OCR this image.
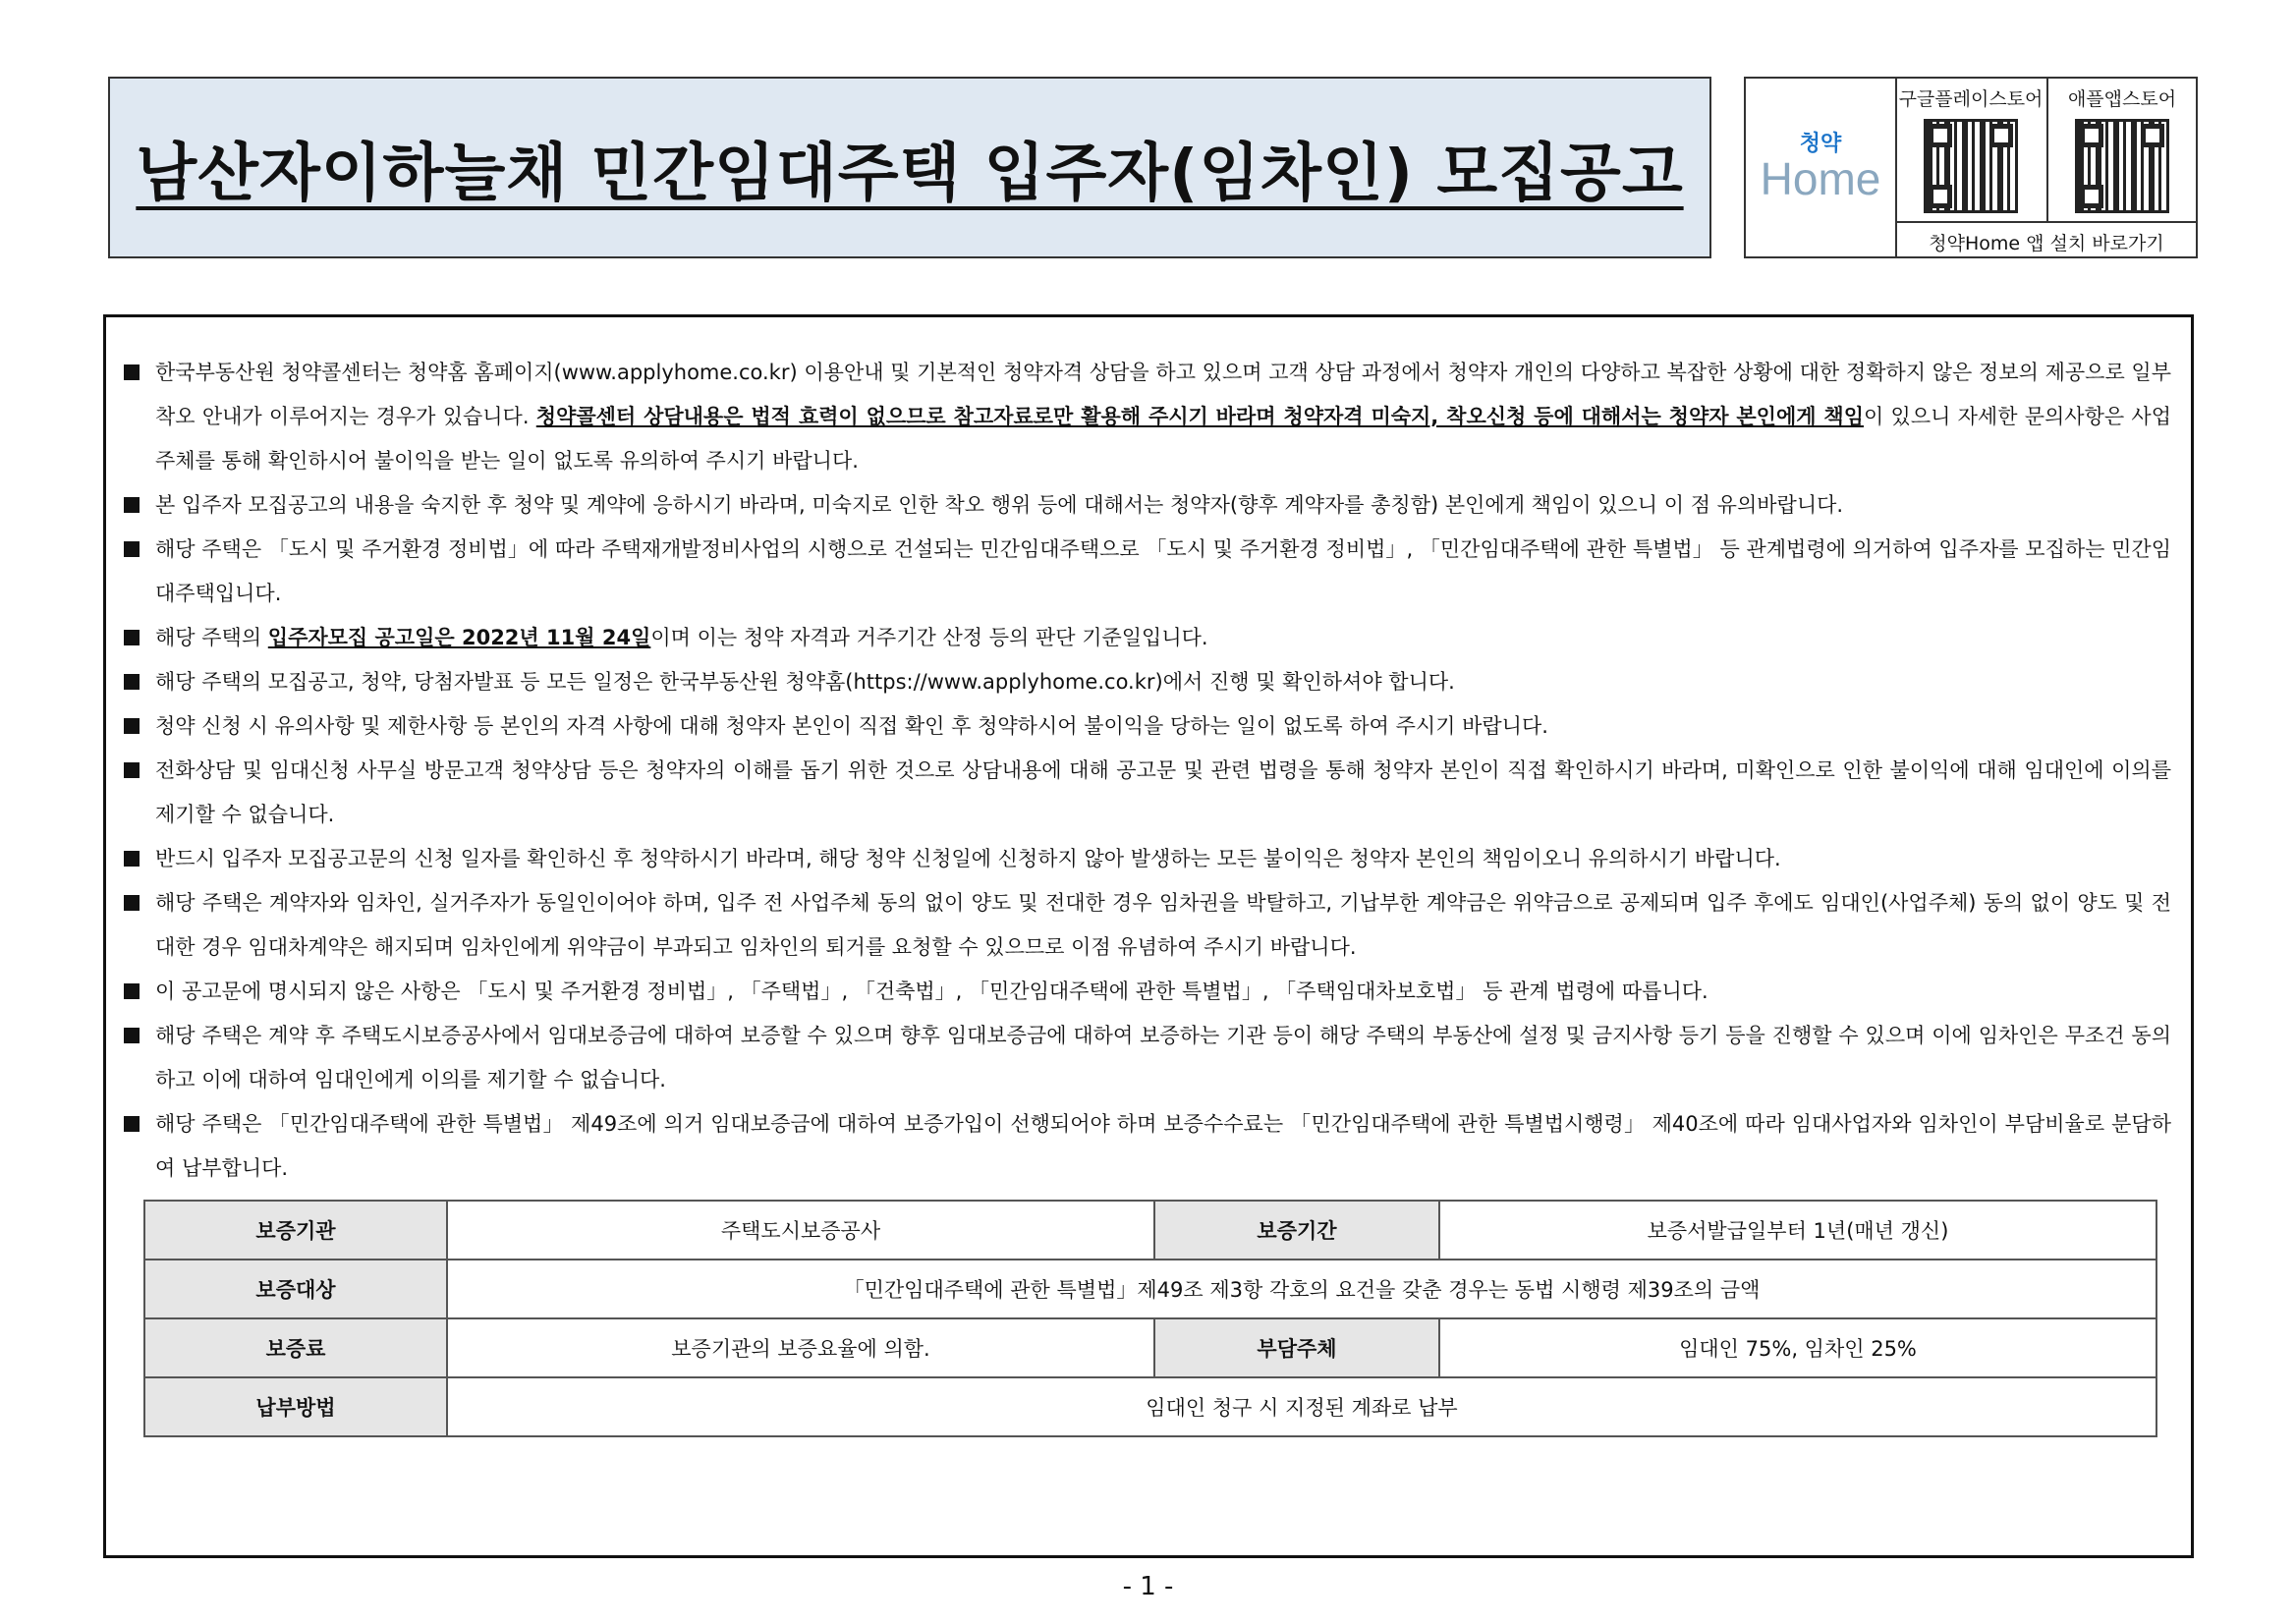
남산자이하늘채 민간임대주택 입주자(임차인) 모집공고	청약
Home
구글플레이스토어	애플앱스토어
청약Home 앱 설치 바로가기

한국부동산원 청약콜센터는 청약홈 홈페이지(www.applyhome.co.kr) 이용안내 및 기본적인 청약자격 상담을 하고 있으며 고객 상담 과정에서 청약자 개인의 다양하고 복잡한 상황에 대한 정확하지 않은 정보의 제공으로 일부 착오 안내가 이루어지는 경우가 있습니다. 청약콜센터 상담내용은 법적 효력이 없으므로 참고자료로만 활용해 주시기 바라며 청약자격 미숙지, 착오신청 등에 대해서는 청약자 본인에게 책임이 있으니 자세한 문의사항은 사업주체를 통해 확인하시어 불이익을 받는 일이 없도록 유의하여 주시기 바랍니다.

본 입주자 모집공고의 내용을 숙지한 후 청약 및 계약에 응하시기 바라며, 미숙지로 인한 착오 행위 등에 대해서는 청약자(향후 계약자를 총칭함) 본인에게 책임이 있으니 이 점 유의바랍니다.

해당 주택은 「도시 및 주거환경 정비법」에 따라 주택재개발정비사업의 시행으로 건설되는 민간임대주택으로 「도시 및 주거환경 정비법」, 「민간임대주택에 관한 특별법」 등 관계법령에 의거하여 입주자를 모집하는 민간임대주택입니다.

해당 주택의 입주자모집 공고일은 2022년 11월 24일이며 이는 청약 자격과 거주기간 산정 등의 판단 기준일입니다.

해당 주택의 모집공고, 청약, 당첨자발표 등 모든 일정은 한국부동산원 청약홈(https://www.applyhome.co.kr)에서 진행 및 확인하셔야 합니다.

청약 신청 시 유의사항 및 제한사항 등 본인의 자격 사항에 대해 청약자 본인이 직접 확인 후 청약하시어 불이익을 당하는 일이 없도록 하여 주시기 바랍니다.

전화상담 및 임대신청 사무실 방문고객 청약상담 등은 청약자의 이해를 돕기 위한 것으로 상담내용에 대해 공고문 및 관련 법령을 통해 청약자 본인이 직접 확인하시기 바라며, 미확인으로 인한 불이익에 대해 임대인에 이의를 제기할 수 없습니다.

반드시 입주자 모집공고문의 신청 일자를 확인하신 후 청약하시기 바라며, 해당 청약 신청일에 신청하지 않아 발생하는 모든 불이익은 청약자 본인의 책임이오니 유의하시기 바랍니다.

해당 주택은 계약자와 임차인, 실거주자가 동일인이어야 하며, 입주 전 사업주체 동의 없이 양도 및 전대한 경우 임차권을 박탈하고, 기납부한 계약금은 위약금으로 공제되며 입주 후에도 임대인(사업주체) 동의 없이 양도 및 전대한 경우 임대차계약은 해지되며 임차인에게 위약금이 부과되고 임차인의 퇴거를 요청할 수 있으므로 이점 유념하여 주시기 바랍니다.

이 공고문에 명시되지 않은 사항은 「도시 및 주거환경 정비법」, 「주택법」, 「건축법」, 「민간임대주택에 관한 특별법」, 「주택임대차보호법」 등 관계 법령에 따릅니다.

해당 주택은 계약 후 주택도시보증공사에서 임대보증금에 대하여 보증할 수 있으며 향후 임대보증금에 대하여 보증하는 기관 등이 해당 주택의 부동산에 설정 및 금지사항 등기 등을 진행할 수 있으며 이에 임차인은 무조건 동의하고 이에 대하여 임대인에게 이의를 제기할 수 없습니다.

해당 주택은 「민간임대주택에 관한 특별법」 제49조에 의거 임대보증금에 대하여 보증가입이 선행되어야 하며 보증수수료는 「민간임대주택에 관한 특별법시행령」 제40조에 따라 임대사업자와 임차인이 부담비율로 분담하여 납부합니다.

보증기관	주택도시보증공사	보증기간	보증서발급일부터 1년(매년 갱신)
보증대상	「민간임대주택에 관한 특별법」제49조 제3항 각호의 요건을 갖춘 경우는 동법 시행령 제39조의 금액		
보증료	보증기관의 보증요율에 의함.	부담주체	임대인 75%, 임차인 25%
납부방법	임대인 청구 시 지정된 계좌로 납부		
- 1 -
